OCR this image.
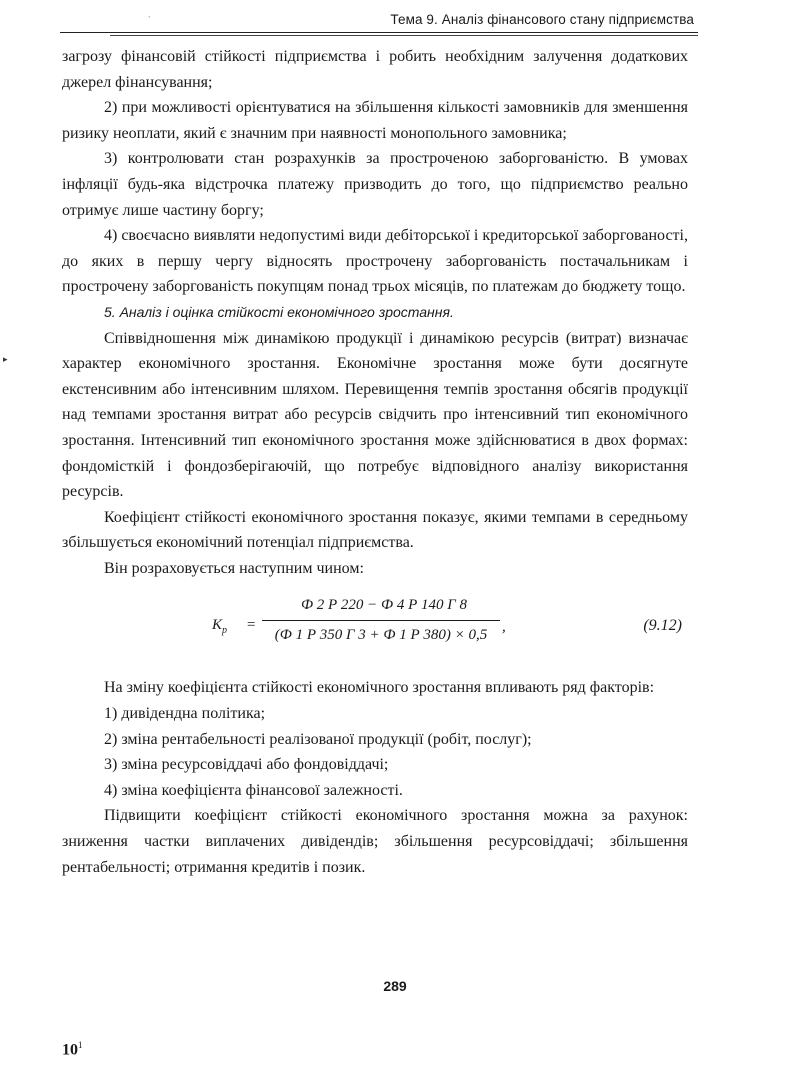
ˋ	Тема 9. Аналіз фінансового стану підприємства
▸

загрозу фінансовій стійкості підприємства і робить необхідним залучення додаткових джерел фінансування;

2) при можливості орієнтуватися на збільшення кількості замовників для зменшення ризику неоплати, який є значним при наявності монопольного замовника;

3) контролювати стан розрахунків за простроченою заборгованістю. В умовах інфляції будь-яка відстрочка платежу призводить до того, що підприємство реально отримує лише частину боргу;

4) своєчасно виявляти недопустимі види дебіторської і кредиторської заборгованості, до яких в першу чергу відносять прострочену заборгованість постачальникам і прострочену заборгованість покупцям понад трьох місяців, по платежам до бюджету тощо.

5. Аналіз і оцінка стійкості економічного зростання.

Співвідношення між динамікою продукції і динамікою ресурсів (витрат) визначає характер економічного зростання. Економічне зростання може бути досягнуте екстенсивним або інтенсивним шляхом. Перевищення темпів зростання обсягів продукції над темпами зростання витрат або ресурсів свідчить про інтенсивний тип економічного зростання. Інтенсивний тип економічного зростання може здійснюватися в двох формах: фондомісткій і фондозберігаючій, що потребує відповідного аналізу використання ресурсів.

Коефіцієнт стійкості економічного зростання показує, якими темпами в середньому збільшується економічний потенціал підприємства.

Він розраховується наступним чином:

$K_р$ =
Ф 2 Р 220 − Ф 4 Р 140 Г 8
(Ф 1 Р 350 Г 3 + Ф 1 Р 380) × 0,5 ,	(9.12)

На зміну коефіцієнта стійкості економічного зростання впливають ряд факторів:

1) дивідендна політика;

2) зміна рентабельності реалізованої продукції (робіт, послуг);

3) зміна ресурсовіддачі або фондовіддачі;

4) зміна коефіцієнта фінансової залежності.

Підвищити коефіцієнт стійкості економічного зростання можна за рахунок: зниження частки виплачених дивідендів; збільшення ресурсовіддачі; збільшення рентабельності; отримання кредитів і позик.

289
$10^1$
